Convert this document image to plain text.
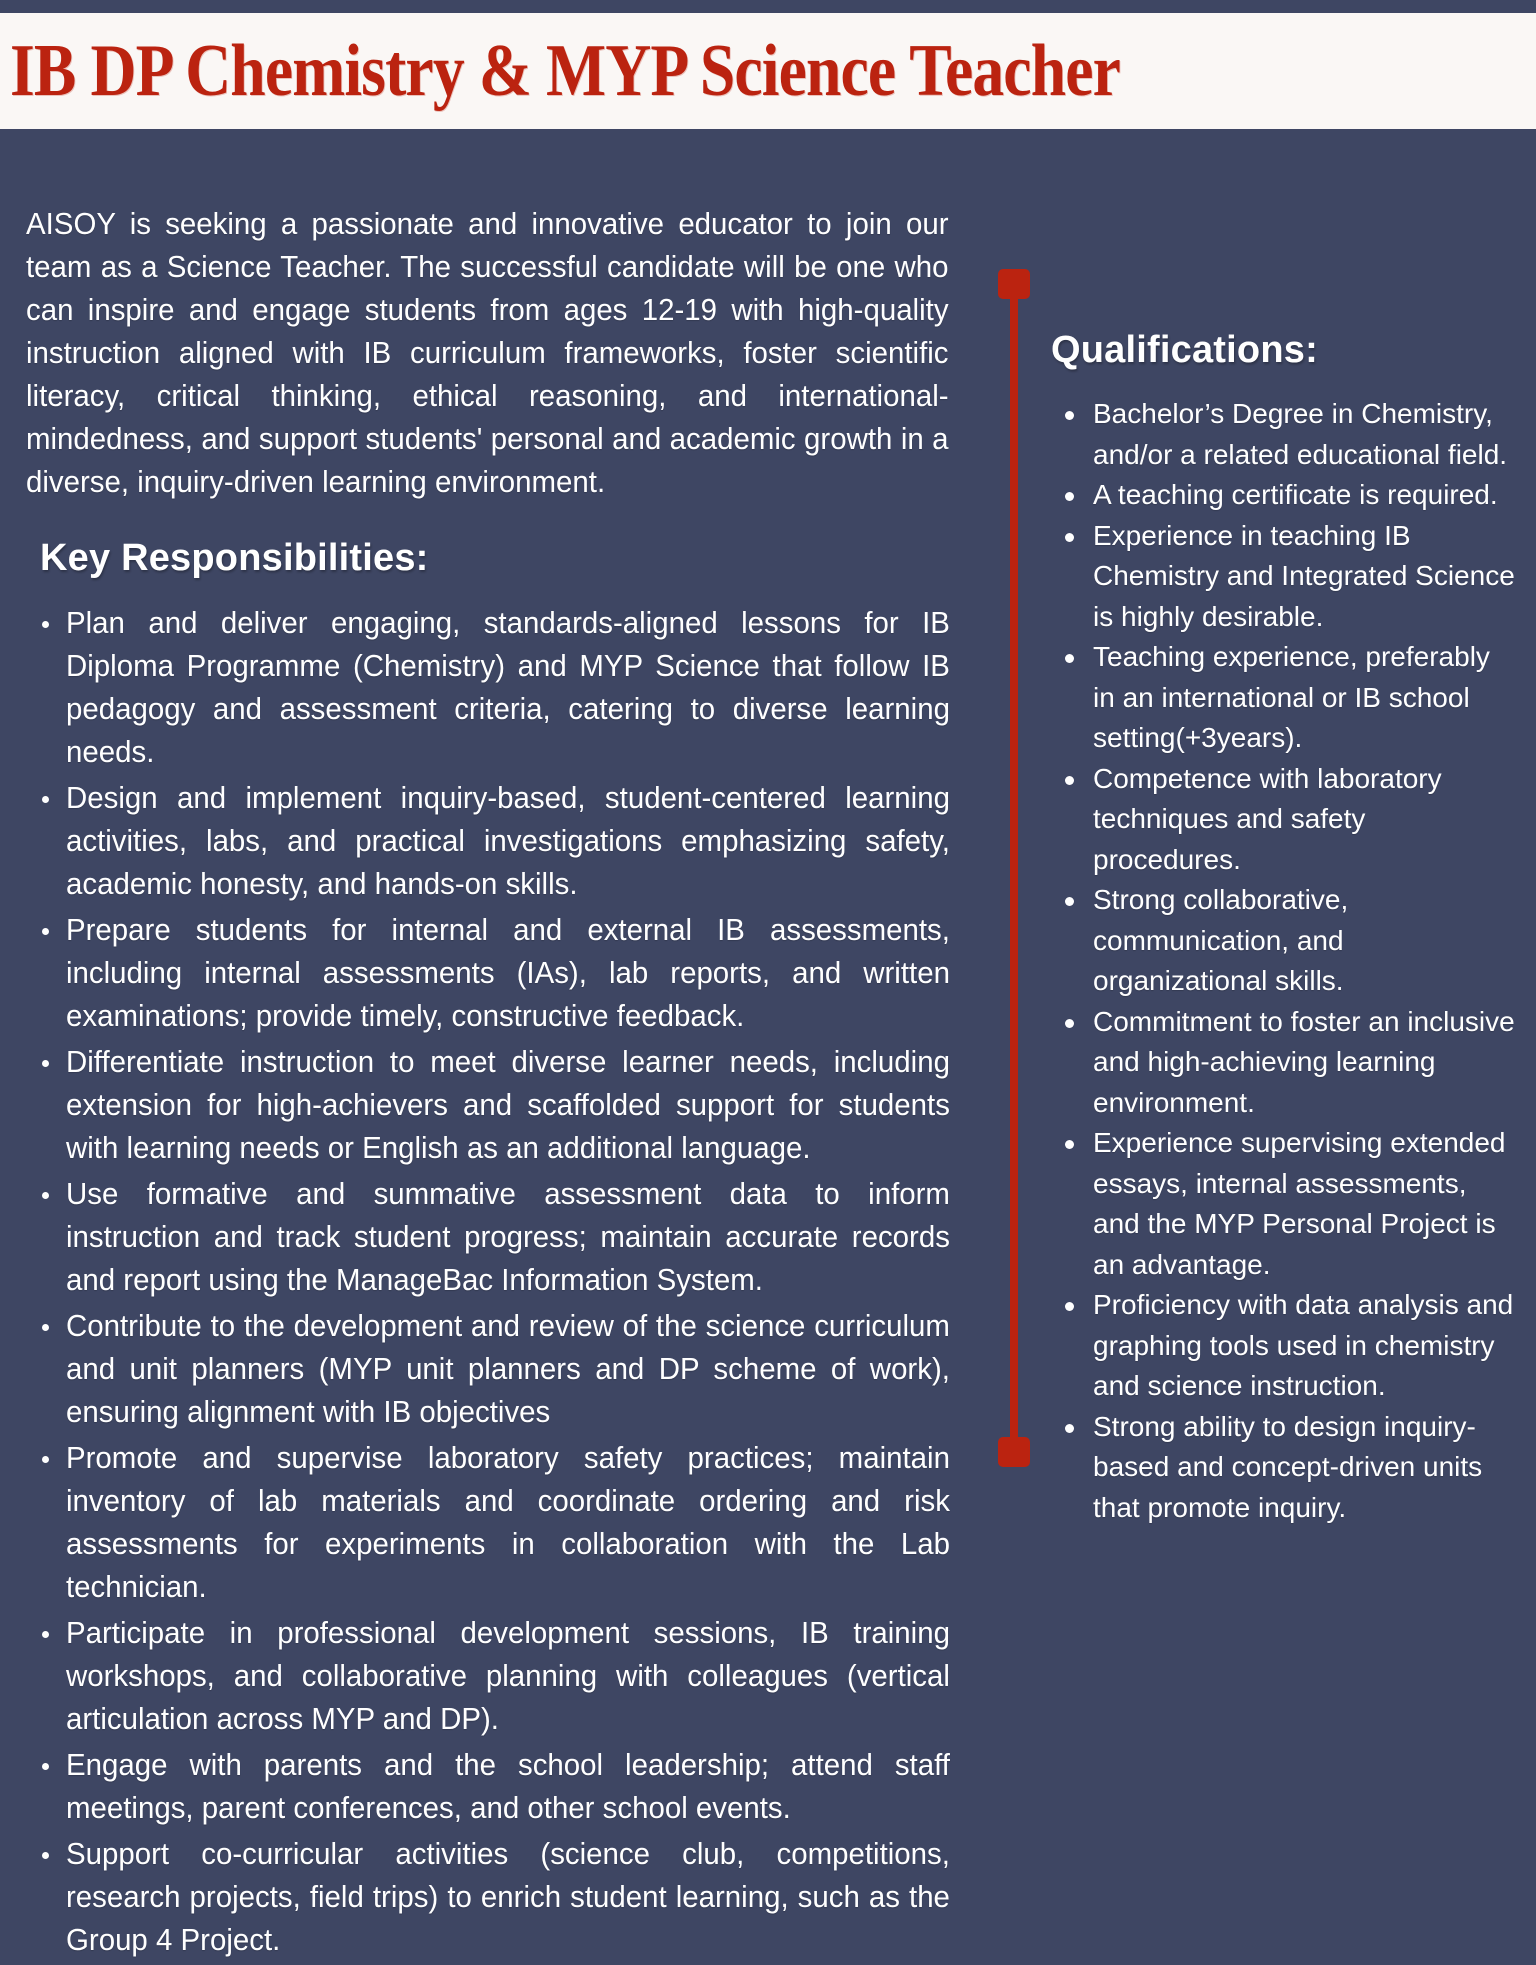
IB DP Chemistry & MYP Science Teacher

AISOY is seeking a passionate and innovative educator to join our team as a Science Teacher. The successful candidate will be one who can inspire and engage students from ages 12-19 with high-quality instruction aligned with IB curriculum frameworks, foster scientific literacy, critical thinking, ethical reasoning, and international-mindedness, and support students' personal and academic growth in a diverse, inquiry-driven learning environment.

Key Responsibilities:
Plan and deliver engaging, standards-aligned lessons for IB Diploma Programme (Chemistry) and MYP Science that follow IB pedagogy and assessment criteria, catering to diverse learning needs.
Design and implement inquiry-based, student-centered learning activities, labs, and practical investigations emphasizing safety, academic honesty, and hands-on skills.
Prepare students for internal and external IB assessments, including internal assessments (IAs), lab reports, and written examinations; provide timely, constructive feedback.
Differentiate instruction to meet diverse learner needs, including extension for high-achievers and scaffolded support for students with learning needs or English as an additional language.
Use formative and summative assessment data to inform instruction and track student progress; maintain accurate records and report using the ManageBac Information System.
Contribute to the development and review of the science curriculum and unit planners (MYP unit planners and DP scheme of work), ensuring alignment with IB objectives
Promote and supervise laboratory safety practices; maintain inventory of lab materials and coordinate ordering and risk assessments for experiments in collaboration with the Lab technician.
Participate in professional development sessions, IB training workshops, and collaborative planning with colleagues (vertical articulation across MYP and DP).
Engage with parents and the school leadership; attend staff meetings, parent conferences, and other school events.
Support co-curricular activities (science club, competitions, research projects, field trips) to enrich student learning, such as the Group 4 Project.
Qualifications:
Bachelor’s Degree in Chemistry, and/or a related educational field.
A teaching certificate is required.
Experience in teaching IB Chemistry and Integrated Science is highly desirable.
Teaching experience, preferably in an international or IB school setting(+3years).
Competence with laboratory techniques and safety procedures.
Strong collaborative, communication, and organizational skills.
Commitment to foster an inclusive and high-achieving learning environment.
Experience supervising extended essays, internal assessments, and the MYP Personal Project is an advantage.
Proficiency with data analysis and graphing tools used in chemistry and science instruction.
Strong ability to design inquiry-based and concept-driven units that promote inquiry.
